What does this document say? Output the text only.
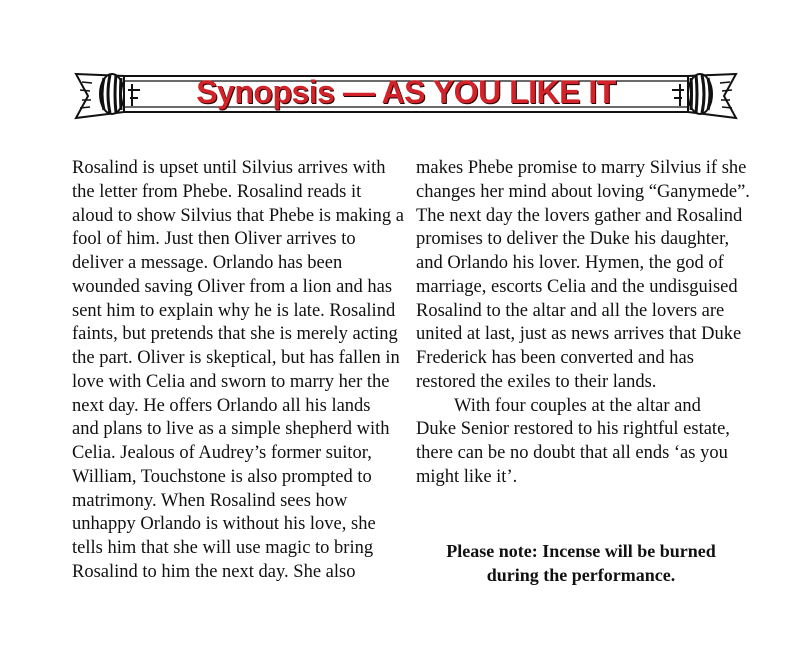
Synopsis — AS YOU LIKE IT

Rosalind is upset until Silvius arrives with
the letter from Phebe. Rosalind reads it
aloud to show Silvius that Phebe is making a
fool of him. Just then Oliver arrives to
deliver a message. Orlando has been
wounded saving Oliver from a lion and has
sent him to explain why he is late. Rosalind
faints, but pretends that she is merely acting
the part. Oliver is skeptical, but has fallen in
love with Celia and sworn to marry her the
next day. He offers Orlando all his lands
and plans to live as a simple shepherd with
Celia. Jealous of Audrey’s former suitor,
William, Touchstone is also prompted to
matrimony. When Rosalind sees how
unhappy Orlando is without his love, she
tells him that she will use magic to bring
Rosalind to him the next day. She also

makes Phebe promise to marry Silvius if she
changes her mind about loving “Ganymede”.
The next day the lovers gather and Rosalind
promises to deliver the Duke his daughter,
and Orlando his lover. Hymen, the god of
marriage, escorts Celia and the undisguised
Rosalind to the altar and all the lovers are
united at last, just as news arrives that Duke
Frederick has been converted and has
restored the exiles to their lands.

With four couples at the altar and
Duke Senior restored to his rightful estate,
there can be no doubt that all ends ‘as you
might like it’.

Please note: Incense will be burned
during the performance.
